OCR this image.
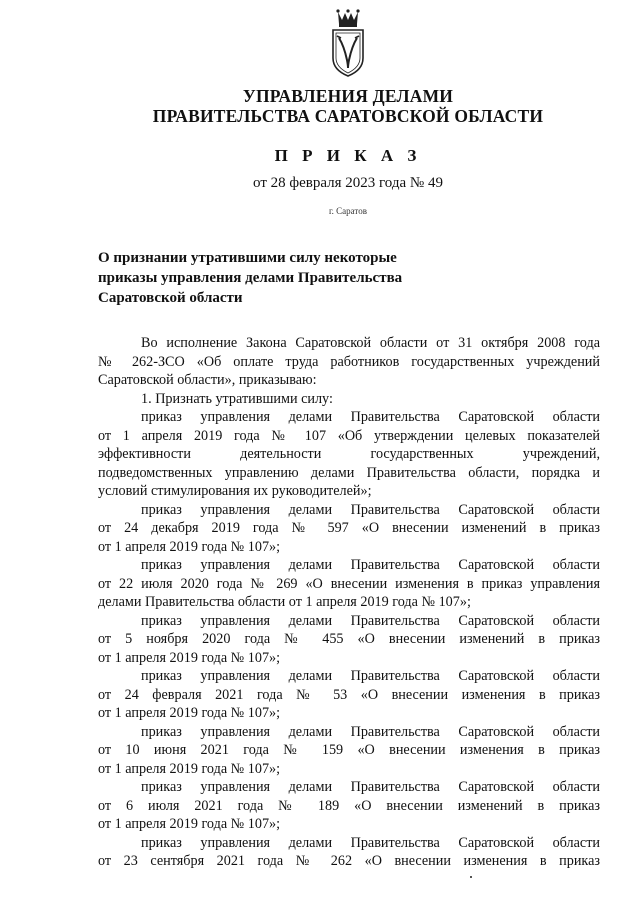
УПРАВЛЕНИЯ ДЕЛАМИ
ПРАВИТЕЛЬСТВА САРАТОВСКОЙ ОБЛАСТИ
П Р И К А З
от 28 февраля 2023 года № 49
г. Саратов
О признании утратившими силу некоторые
приказы управления делами Правительства
Саратовской области
Во исполнение Закона Саратовской области от 31 октября 2008 года
№ 262-ЗСО «Об оплате труда работников государственных учреждений
Саратовской области», приказываю:
1. Признать утратившими силу:
приказ управления делами Правительства Саратовской области
от 1 апреля 2019 года № 107 «Об утверждении целевых показателей
эффективности деятельности государственных учреждений,
подведомственных управлению делами Правительства области, порядка и
условий стимулирования их руководителей»;
приказ управления делами Правительства Саратовской области
от 24 декабря 2019 года № 597 «О внесении изменений в приказ
от 1 апреля 2019 года № 107»;
приказ управления делами Правительства Саратовской области
от 22 июля 2020 года № 269 «О внесении изменения в приказ управления
делами Правительства области от 1 апреля 2019 года № 107»;
приказ управления делами Правительства Саратовской области
от 5 ноября 2020 года № 455 «О внесении изменений в приказ
от 1 апреля 2019 года № 107»;
приказ управления делами Правительства Саратовской области
от 24 февраля 2021 года № 53 «О внесении изменения в приказ
от 1 апреля 2019 года № 107»;
приказ управления делами Правительства Саратовской области
от 10 июня 2021 года № 159 «О внесении изменения в приказ
от 1 апреля 2019 года № 107»;
приказ управления делами Правительства Саратовской области
от 6 июля 2021 года № 189 «О внесении изменений в приказ
от 1 апреля 2019 года № 107»;
приказ управления делами Правительства Саратовской области
от 23 сентября 2021 года № 262 «О внесении изменения в приказ
